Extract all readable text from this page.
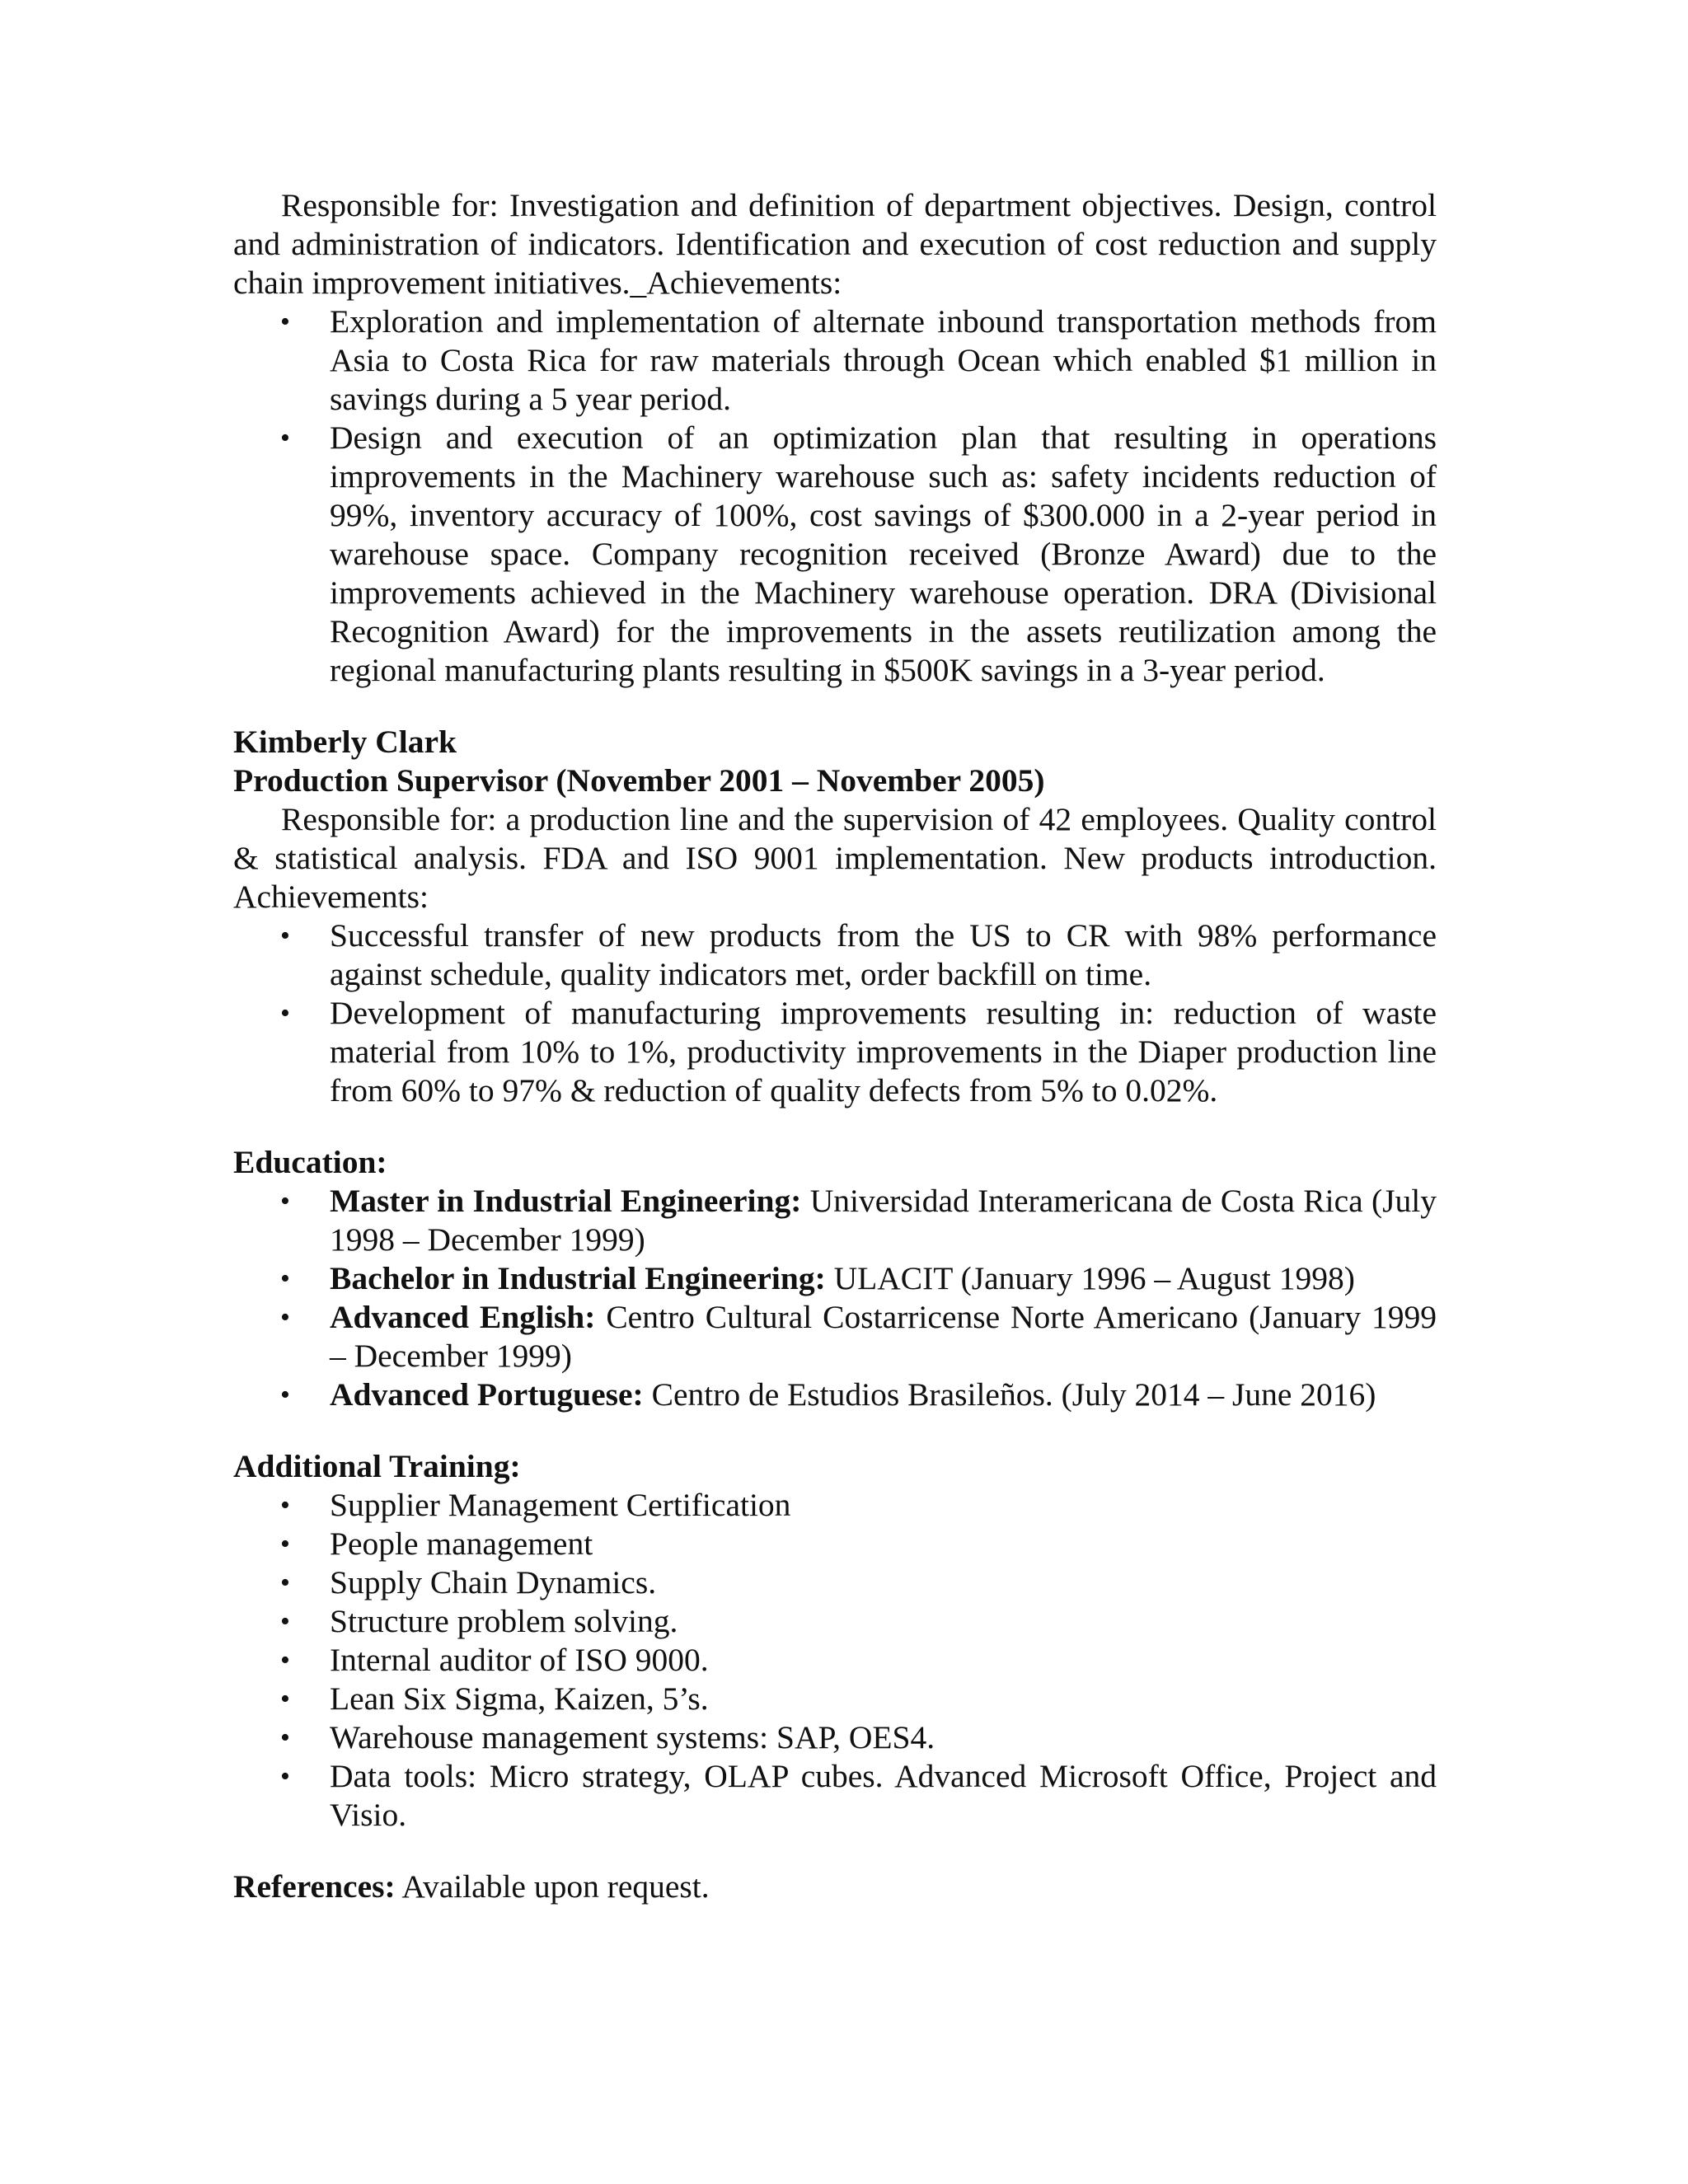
Responsible for: Investigation and definition of department objectives. Design, control and administration of indicators. Identification and execution of cost reduction and supply chain improvement initiatives._Achievements:

• Exploration and implementation of alternate inbound transportation methods from Asia to Costa Rica for raw materials through Ocean which enabled $1 million in savings during a 5 year period.
• Design and execution of an optimization plan that resulting in operations improvements in the Machinery warehouse such as: safety incidents reduction of 99%, inventory accuracy of 100%, cost savings of $300.000 in a 2-year period in warehouse space. Company recognition received (Bronze Award) due to the improvements achieved in the Machinery warehouse operation. DRA (Divisional Recognition Award) for the improvements in the assets reutilization among the regional manufacturing plants resulting in $500K savings in a 3-year period.

Kimberly Clark

Production Supervisor (November 2001 – November 2005)

Responsible for: a production line and the supervision of 42 employees. Quality control & statistical analysis. FDA and ISO 9001 implementation. New products introduction. Achievements:

• Successful transfer of new products from the US to CR with 98% performance against schedule, quality indicators met, order backfill on time.
• Development of manufacturing improvements resulting in: reduction of waste material from 10% to 1%, productivity improvements in the Diaper production line from 60% to 97% & reduction of quality defects from 5% to 0.02%.

Education:

• Master in Industrial Engineering: Universidad Interamericana de Costa Rica (July 1998 – December 1999)
• Bachelor in Industrial Engineering: ULACIT (January 1996 – August 1998)
• Advanced English: Centro Cultural Costarricense Norte Americano (January 1999 – December 1999)
• Advanced Portuguese: Centro de Estudios Brasileños. (July 2014 – June 2016)

Additional Training:

• Supplier Management Certification
• People management
• Supply Chain Dynamics.
• Structure problem solving.
• Internal auditor of ISO 9000.
• Lean Six Sigma, Kaizen, 5’s.
• Warehouse management systems: SAP, OES4.
• Data tools: Micro strategy, OLAP cubes. Advanced Microsoft Office, Project and Visio.

References: Available upon request.
